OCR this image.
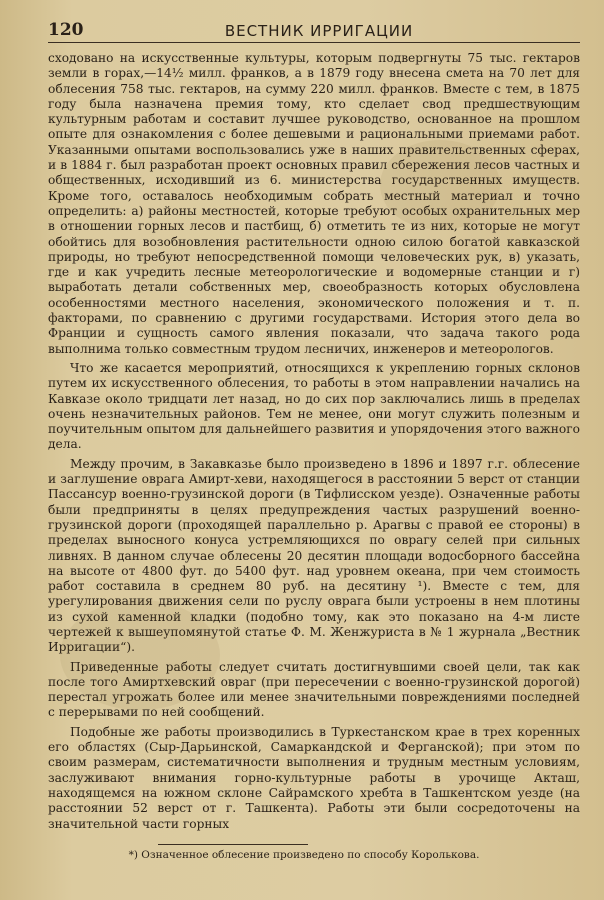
120	ВЕСТНИК ИРРИГАЦИИ

сходовано на искусственные культуры, которым подвергнуты 75 тыс. гектаров земли в горах,—14½ милл. франков, а в 1879 году внесена смета на 70 лет для облесения 758 тыс. гектаров, на сумму 220 милл. франков. Вместе с тем, в 1875 году была назначена премия тому, кто сделает свод предшествующим культурным работам и составит лучшее руководство, основанное на прошлом опыте для ознакомления с более дешевыми и рациональными приемами работ. Указанными опытами воспользовались уже в наших правительственных сферах, и в 1884 г. был разработан проект основных правил сбережения лесов частных и общественных, исходивший из 6. министерства государственных имуществ. Кроме того, оставалось необходимым собрать местный материал и точно определить: а) районы местностей, которые требуют особых охранительных мер в отношении горных лесов и пастбищ, б) отметить те из них, которые не могут обойтись для возобновления растительности одною силою богатой кавказской природы, но требуют непосредственной помощи человеческих рук, в) указать, где и как учредить лесные метеорологические и водомерные станции и г) выработать детали собственных мер, своеобразность которых обусловлена особенностями местного населения, экономического положения и т. п. факторами, по сравнению с другими государствами. История этого дела во Франции и сущность самого явления показали, что задача такого рода выполнима только совместным трудом лесничих, инженеров и метеорологов.

Что же касается мероприятий, относящихся к укреплению горных склонов путем их искусственного облесения, то работы в этом направлении начались на Кавказе около тридцати лет назад, но до сих пор заключались лишь в пределах очень незначительных районов. Тем не менее, они могут служить полезным и поучительным опытом для дальнейшего развития и упорядочения этого важного дела.

Между прочим, в Закавказье было произведено в 1896 и 1897 г.г. облесение и заглушение оврага Амирт-хеви, находящегося в расстоянии 5 верст от станции Пассансур военно-грузинской дороги (в Тифлисском уезде). Означенные работы были предприняты в целях предупреждения частых разрушений военно-грузинской дороги (проходящей параллельно р. Арагвы с правой ее стороны) в пределах выносного конуса устремляющихся по оврагу селей при сильных ливнях. В данном случае облесены 20 десятин площади водосборного бассейна на высоте от 4800 фут. до 5400 фут. над уровнем океана, при чем стоимость работ составила в среднем 80 руб. на десятину ¹). Вместе с тем, для урегулирования движения сели по руслу оврага были устроены в нем плотины из сухой каменной кладки (подобно тому, как это показано на 4-м листе чертежей к вышеупомянутой статье Ф. М. Женжуриста в № 1 журнала „Вестник Ирригации“).

Приведенные работы следует считать достигнувшими своей цели, так как после того Амиртхевский овраг (при пересечении с военно-грузинской дорогой) перестал угрожать более или менее значительными повреждениями последней с перерывами по ней сообщений.

Подобные же работы производились в Туркестанском крае в трех коренных его областях (Сыр-Дарьинской, Самаркандской и Ферганской); при этом по своим размерам, систематичности выполнения и трудным местным условиям, заслуживают внимания горно-культурные работы в урочище Акташ, находящемся на южном склоне Сайрамского хребта в Ташкентском уезде (на расстоянии 52 верст от г. Ташкента). Работы эти были сосредоточены на значительной части горных

*) Означенное облесение произведено по способу Королькова.
